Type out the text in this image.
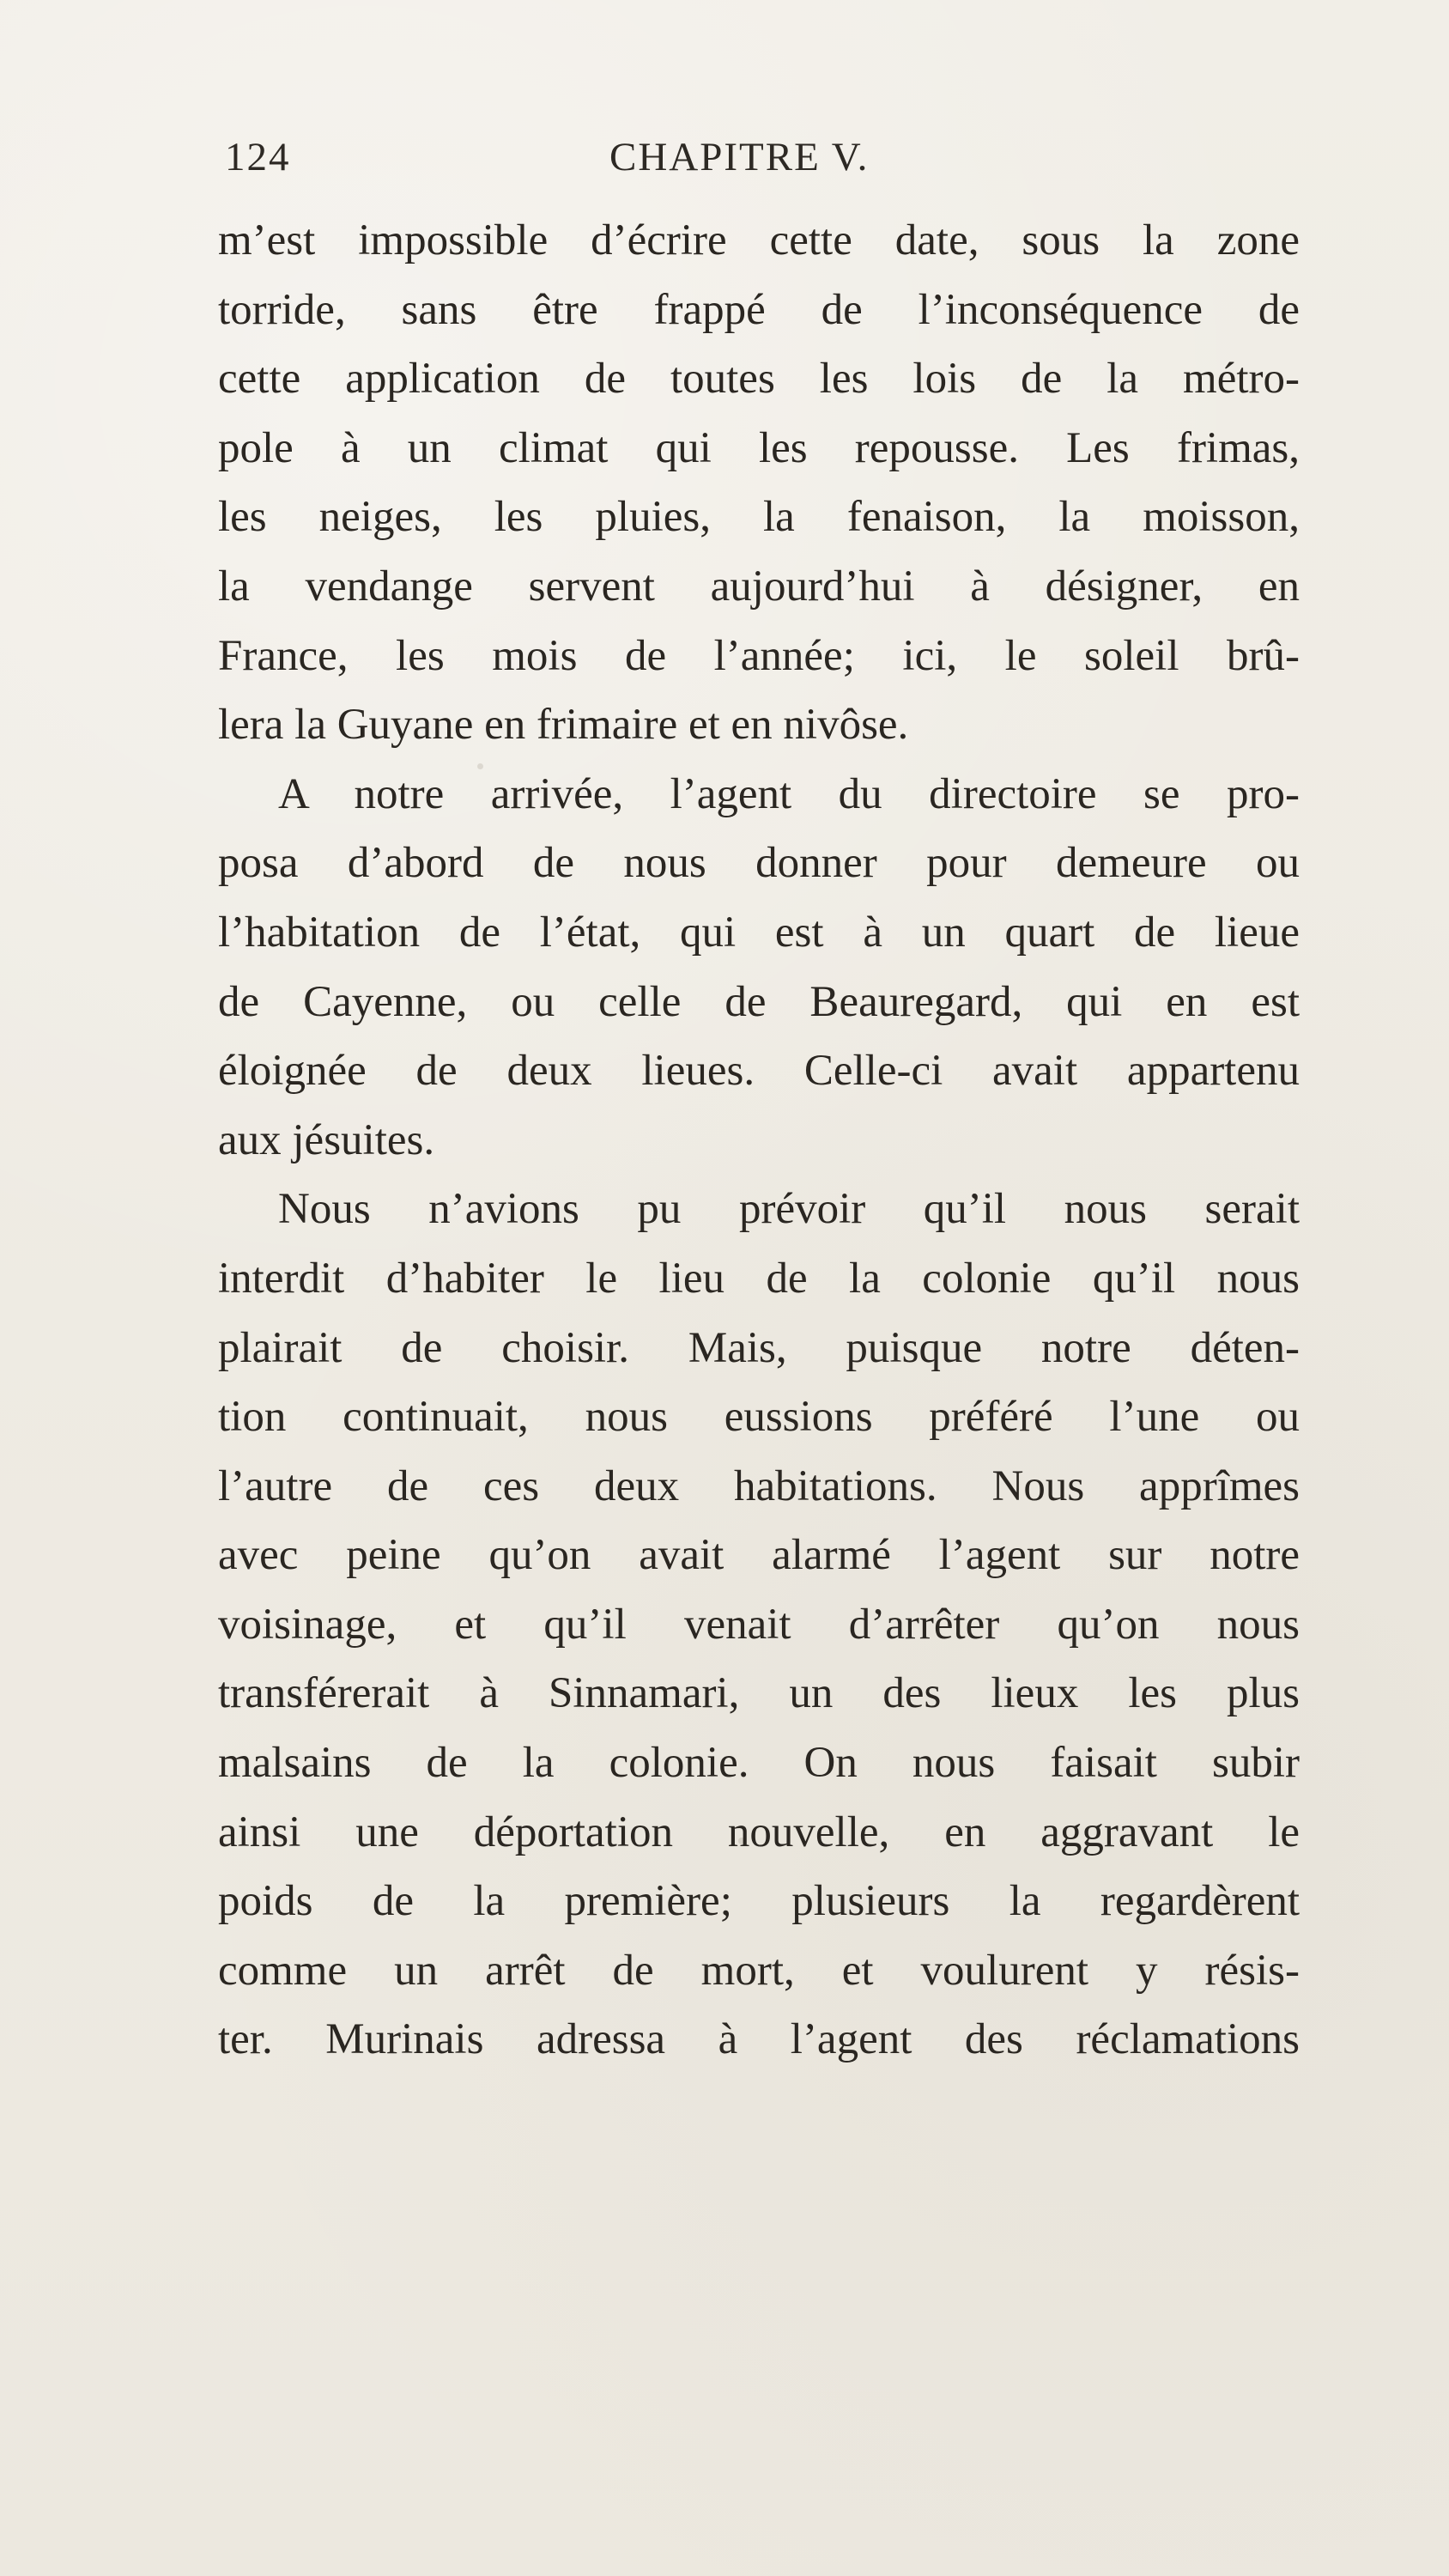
124	CHAPITRE V.
m’est impossible d’écrire cette date, sous la zone
torride, sans être frappé de l’inconséquence de
cette application de toutes les lois de la métro-
pole à un climat qui les repousse. Les frimas,
les neiges, les pluies, la fenaison, la moisson,
la vendange servent aujourd’hui à désigner, en
France, les mois de l’année; ici, le soleil brû-
lera la Guyane en frimaire et en nivôse.
A notre arrivée, l’agent du directoire se pro-
posa d’abord de nous donner pour demeure ou
l’habitation de l’état, qui est à un quart de lieue
de Cayenne, ou celle de Beauregard, qui en est
éloignée de deux lieues. Celle-ci avait appartenu
aux jésuites.
Nous n’avions pu prévoir qu’il nous serait
interdit d’habiter le lieu de la colonie qu’il nous
plairait de choisir. Mais, puisque notre déten-
tion continuait, nous eussions préféré l’une ou
l’autre de ces deux habitations. Nous apprîmes
avec peine qu’on avait alarmé l’agent sur notre
voisinage, et qu’il venait d’arrêter qu’on nous
transférerait à Sinnamari, un des lieux les plus
malsains de la colonie. On nous faisait subir
ainsi une déportation nouvelle, en aggravant le
poids de la première; plusieurs la regardèrent
comme un arrêt de mort, et voulurent y résis-
ter. Murinais adressa à l’agent des réclamations
